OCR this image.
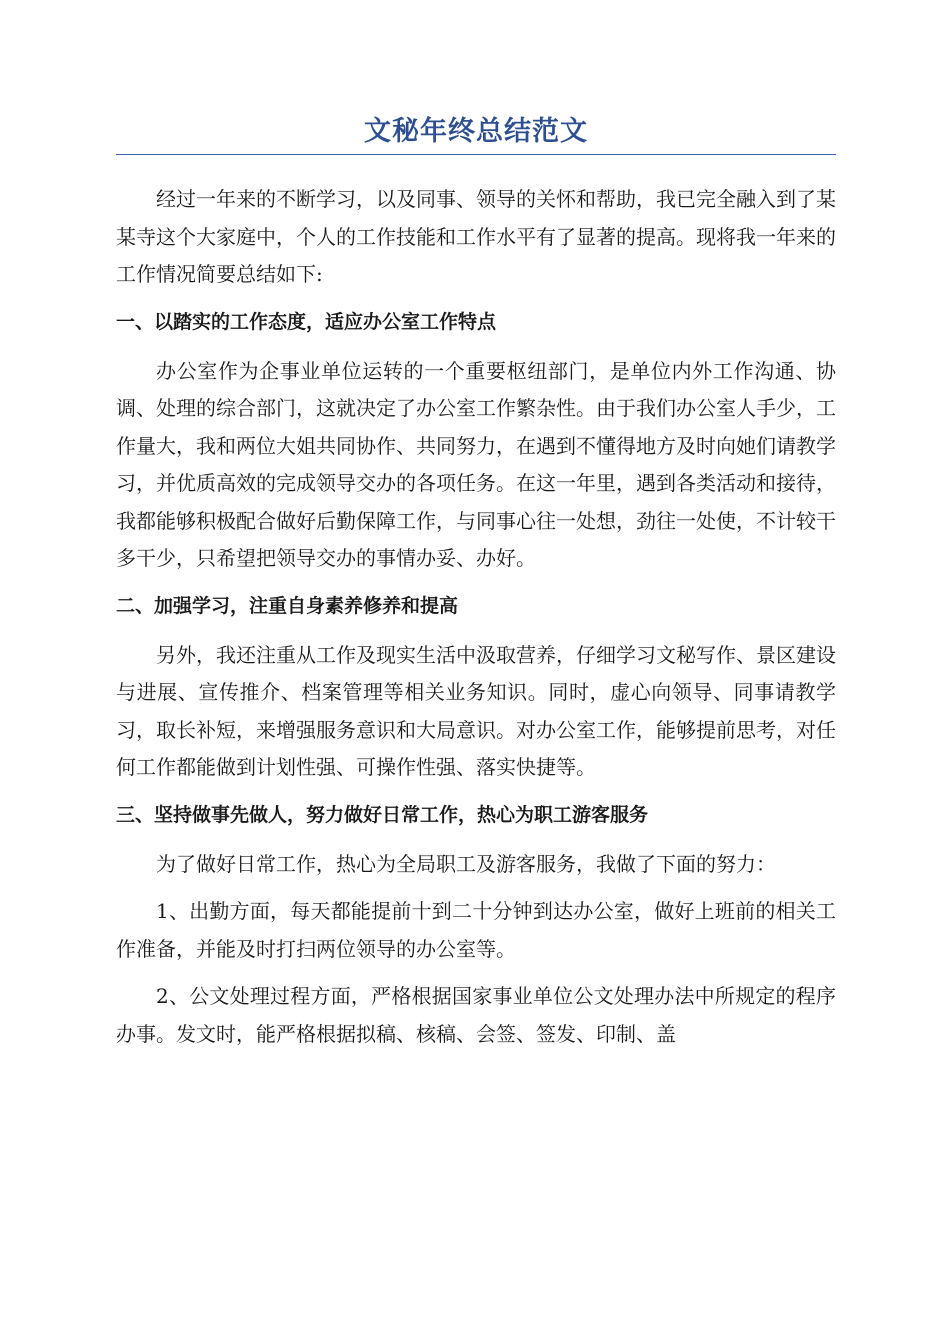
文秘年终总结范文

经过一年来的不断学习，以及同事、领导的关怀和帮助，我已完全融入到了某某寺这个大家庭中，个人的工作技能和工作水平有了显著的提高。现将我一年来的工作情况简要总结如下:

一、以踏实的工作态度，适应办公室工作特点

办公室作为企事业单位运转的一个重要枢纽部门，是单位内外工作沟通、协调、处理的综合部门，这就决定了办公室工作繁杂性。由于我们办公室人手少，工作量大，我和两位大姐共同协作、共同努力，在遇到不懂得地方及时向她们请教学习，并优质高效的完成领导交办的各项任务。在这一年里，遇到各类活动和接待，我都能够积极配合做好后勤保障工作，与同事心往一处想，劲往一处使，不计较干多干少，只希望把领导交办的事情办妥、办好。

二、加强学习，注重自身素养修养和提高

另外，我还注重从工作及现实生活中汲取营养，仔细学习文秘写作、景区建设与进展、宣传推介、档案管理等相关业务知识。同时，虚心向领导、同事请教学习，取长补短，来增强服务意识和大局意识。对办公室工作，能够提前思考，对任何工作都能做到计划性强、可操作性强、落实快捷等。

三、坚持做事先做人，努力做好日常工作，热心为职工游客服务

为了做好日常工作，热心为全局职工及游客服务，我做了下面的努力：

1、出勤方面，每天都能提前十到二十分钟到达办公室，做好上班前的相关工作准备，并能及时打扫两位领导的办公室等。

2、公文处理过程方面，严格根据国家事业单位公文处理办法中所规定的程序办事。发文时，能严格根据拟稿、核稿、会签、签发、印制、盖
